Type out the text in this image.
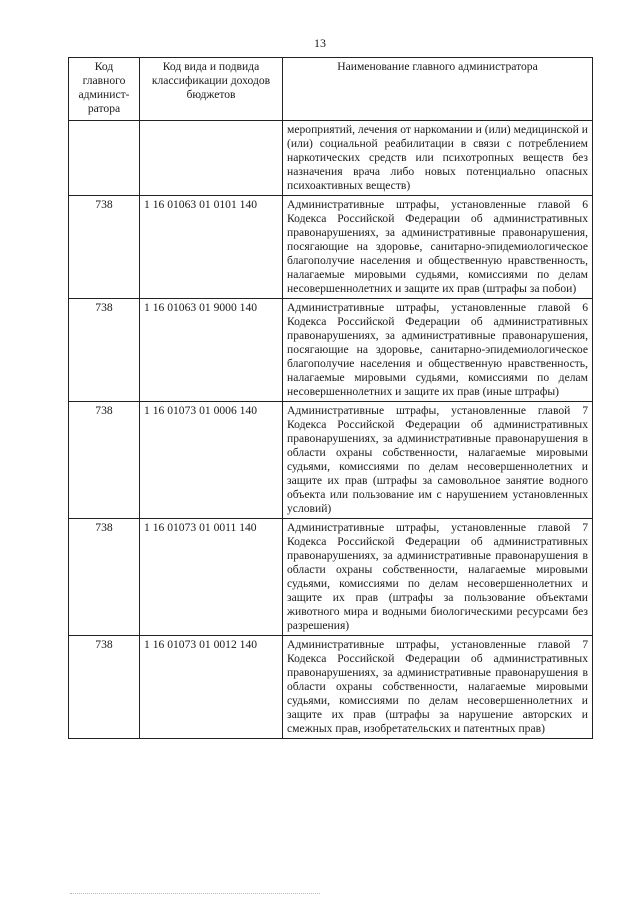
13
Код главного админист-ратора	Код вида и подвида классификации доходов бюджетов	Наименование главного администратора
		мероприятий, лечения от наркомании и (или) медицинской и (или) социальной реабилитации в связи с потреблением наркотических средств или психотропных веществ без назначения врача либо новых потенциально опасных психоактивных веществ)
738	1 16 01063 01 0101 140	Административные штрафы, установленные главой 6 Кодекса Российской Федерации об административных правонарушениях, за административные правонарушения, посягающие на здоровье, санитарно-эпидемиологическое благополучие населения и общественную нравственность, налагаемые мировыми судьями, комиссиями по делам несовершеннолетних и защите их прав (штрафы за побои)
738	1 16 01063 01 9000 140	Административные штрафы, установленные главой 6 Кодекса Российской Федерации об административных правонарушениях, за административные правонарушения, посягающие на здоровье, санитарно-эпидемиологическое благополучие населения и общественную нравственность, налагаемые мировыми судьями, комиссиями по делам несовершеннолетних и защите их прав (иные штрафы)
738	1 16 01073 01 0006 140	Административные штрафы, установленные главой 7 Кодекса Российской Федерации об административных правонарушениях, за административные правонарушения в области охраны собственности, налагаемые мировыми судьями, комиссиями по делам несовершеннолетних и защите их прав (штрафы за самовольное занятие водного объекта или пользование им с нарушением установленных условий)
738	1 16 01073 01 0011 140	Административные штрафы, установленные главой 7 Кодекса Российской Федерации об административных правонарушениях, за административные правонарушения в области охраны собственности, налагаемые мировыми судьями, комиссиями по делам несовершеннолетних и защите их прав (штрафы за пользование объектами животного мира и водными биологическими ресурсами без разрешения)
738	1 16 01073 01 0012 140	Административные штрафы, установленные главой 7 Кодекса Российской Федерации об административных правонарушениях, за административные правонарушения в области охраны собственности, налагаемые мировыми судьями, комиссиями по делам несовершеннолетних и защите их прав (штрафы за нарушение авторских и смежных прав, изобретательских и патентных прав)
